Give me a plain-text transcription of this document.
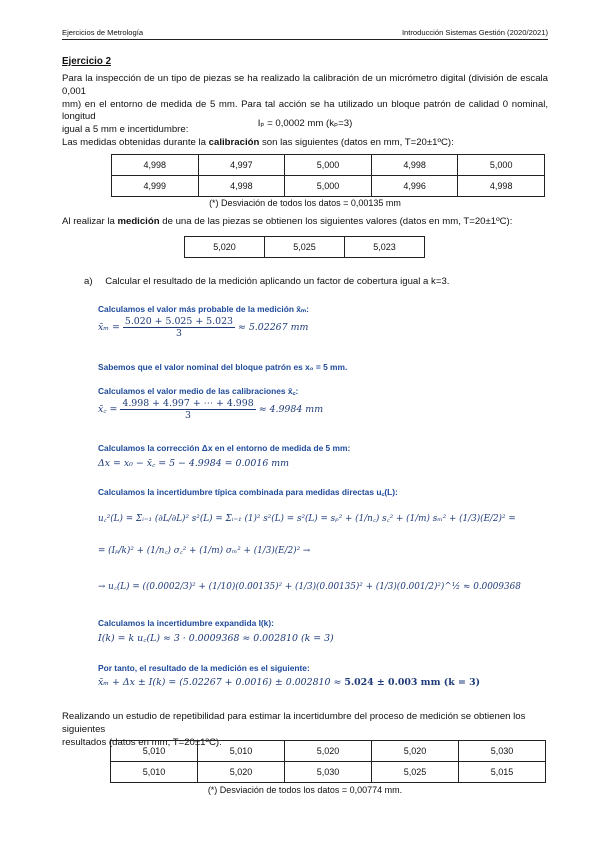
Ejercicios de Metrología	Introducción Sistemas Gestión (2020/2021)
Ejercicio 2
Para la inspección de un tipo de piezas se ha realizado la calibración de un micrómetro digital (división de escala 0,001
mm) en el entorno de medida de 5 mm. Para tal acción se ha utilizado un bloque patrón de calidad 0 nominal, longitud
igual a 5 mm e incertidumbre:
Iₚ = 0,0002 mm (kₚ=3)
Las medidas obtenidas durante la calibración son las siguientes (datos en mm, T=20±1ºC):
4,998	4,997	5,000	4,998	5,000
4,999	4,998	5,000	4,996	4,998
(*) Desviación de todos los datos = 0,00135 mm
Al realizar la medición de una de las piezas se obtienen los siguientes valores (datos en mm, T=20±1ºC):
5,020	5,025	5,023
a) Calcular el resultado de la medición aplicando un factor de cobertura igual a k=3.
Calculamos el valor más probable de la medición x̄ₘ:
x̄ₘ = $\frac{5.020 + 5.025 + 5.023}{3} \approx 5.02267$ mm
Sabemos que el valor nominal del bloque patrón es x₀ = 5 mm.
Calculamos el valor medio de las calibraciones x̄꜀:
x̄꜀ = $\frac{4.998 + 4.997 + \cdots + 4.998}{3} \approx 4.9984$ mm
Calculamos la corrección Δx en el entorno de medida de 5 mm:
Δx = x₀ − x̄꜀ = 5 − 4.9984 = 0.0016 mm
Calculamos la incertidumbre típica combinada para medidas directas u꜀(L):
u꜀²(L) = Σᵢ₌₁ (∂L/∂L)² s²(L) = Σᵢ₌₁ (1)² s²(L) = s²(L) = sₚ² + (1/n꜀) s꜀² + (1/m) sₘ² + (1/3)(E/2)² =
= (Iₚ/k)² + (1/n꜀) σ꜀² + (1/m) σₘ² + (1/3)(E/2)² →
→ u꜀(L) = ((0.0002/3)² + (1/10)(0.00135)² + (1/3)(0.00135)² + (1/3)(0.001/2)²)^½ ≈ 0.0009368
Calculamos la incertidumbre expandida I(k):
I(k) = k u꜀(L) ≈ 3 · 0.0009368 ≈ 0.002810 (k = 3)
Por tanto, el resultado de la medición es el siguiente:
x̄ₘ + Δx ± I(k) = (5.02267 + 0.0016) ± 0.002810 ≈ 5.024 ± 0.003 mm (k = 3)
Realizando un estudio de repetibilidad para estimar la incertidumbre del proceso de medición se obtienen los siguientes
resultados (datos en mm, T=20±1ºC):
5,010	5,010	5,020	5,020	5,030
5,010	5,020	5,030	5,025	5,015
(*) Desviación de todos los datos = 0,00774 mm.
